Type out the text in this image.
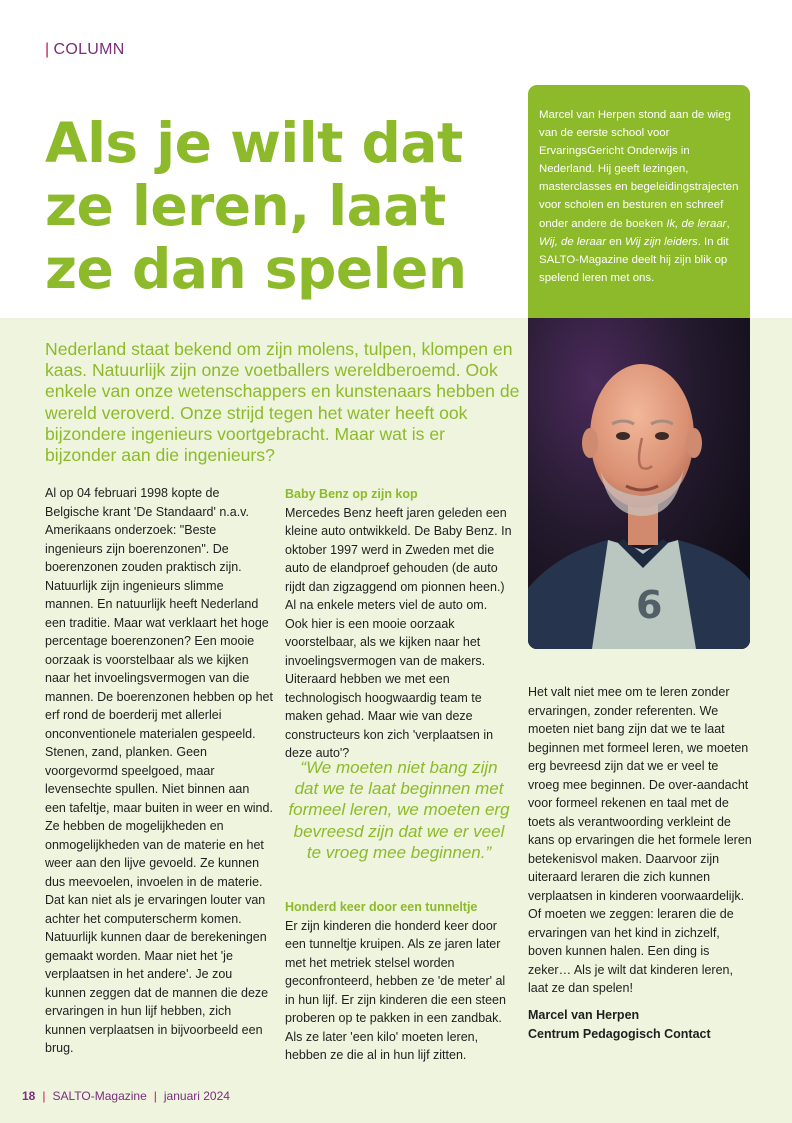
| COLUMN
Als je wilt dat ze leren, laat ze dan spelen
Marcel van Herpen stond aan de wieg van de eerste school voor ErvaringsGericht Onderwijs in Nederland. Hij geeft lezingen, masterclasses en begeleidingstrajecten voor scholen en besturen en schreef onder andere de boeken Ik, de leraar, Wij, de leraar en Wij zijn leiders. In dit SALTO-Magazine deelt hij zijn blik op spelend leren met ons.
6

Nederland staat bekend om zijn molens, tulpen, klompen en kaas. Natuurlijk zijn onze voetballers wereldberoemd. Ook enkele van onze wetenschappers en kunstenaars hebben de wereld veroverd. Onze strijd tegen het water heeft ook bijzondere ingenieurs voortgebracht. Maar wat is er bijzonder aan die ingenieurs?

Al op 04 februari 1998 kopte de Belgische krant 'De Standaard' n.a.v. Amerikaans onderzoek: "Beste ingenieurs zijn boerenzonen". De boerenzonen zouden praktisch zijn. Natuurlijk zijn ingenieurs slimme mannen. En natuurlijk heeft Nederland een traditie. Maar wat verklaart het hoge percentage boerenzonen? Een mooie oorzaak is voorstelbaar als we kijken naar het invoelingsvermogen van die mannen. De boerenzonen hebben op het erf rond de boerderij met allerlei onconventionele materialen gespeeld. Stenen, zand, planken. Geen voorgevormd speelgoed, maar levensechte spullen. Niet binnen aan een tafeltje, maar buiten in weer en wind. Ze hebben de mogelijkheden en onmogelijkheden van de materie en het weer aan den lijve gevoeld. Ze kunnen dus meevoelen, invoelen in de materie. Dat kan niet als je ervaringen louter van achter het computerscherm komen. Natuurlijk kunnen daar de berekeningen gemaakt worden. Maar niet het 'je verplaatsen in het andere'. Je zou kunnen zeggen dat de mannen die deze ervaringen in hun lijf hebben, zich kunnen verplaatsen in bijvoorbeeld een brug.

Baby Benz op zijn kop

Mercedes Benz heeft jaren geleden een kleine auto ontwikkeld. De Baby Benz. In oktober 1997 werd in Zweden met die auto de elandproef gehouden (de auto rijdt dan zigzaggend om pionnen heen.) Al na enkele meters viel de auto om. Ook hier is een mooie oorzaak voorstelbaar, als we kijken naar het invoelingsvermogen van de makers. Uiteraard hebben we met een technologisch hoogwaardig team te maken gehad. Maar wie van deze constructeurs kon zich 'verplaatsen in deze auto'?

“We moeten niet bang zijn dat we te laat beginnen met formeel leren, we moeten erg bevreesd zijn dat we er veel te vroeg mee beginnen.”

Honderd keer door een tunneltje

Er zijn kinderen die honderd keer door een tunneltje kruipen. Als ze jaren later met het metriek stelsel worden geconfronteerd, hebben ze 'de meter' al in hun lijf. Er zijn kinderen die een steen proberen op te pakken in een zandbak. Als ze later 'een kilo' moeten leren, hebben ze die al in hun lijf zitten.

Het valt niet mee om te leren zonder ervaringen, zonder referenten. We moeten niet bang zijn dat we te laat beginnen met formeel leren, we moeten erg bevreesd zijn dat we er veel te vroeg mee beginnen. De over-aandacht voor formeel rekenen en taal met de toets als verantwoording verkleint de kans op ervaringen die het formele leren betekenisvol maken. Daarvoor zijn uiteraard leraren die zich kunnen verplaatsen in kinderen voorwaardelijk. Of moeten we zeggen: leraren die de ervaringen van het kind in zichzelf, boven kunnen halen. Een ding is zeker… Als je wilt dat kinderen leren, laat ze dan spelen!

Marcel van Herpen
Centrum Pedagogisch Contact
18 | SALTO-Magazine | januari 2024
